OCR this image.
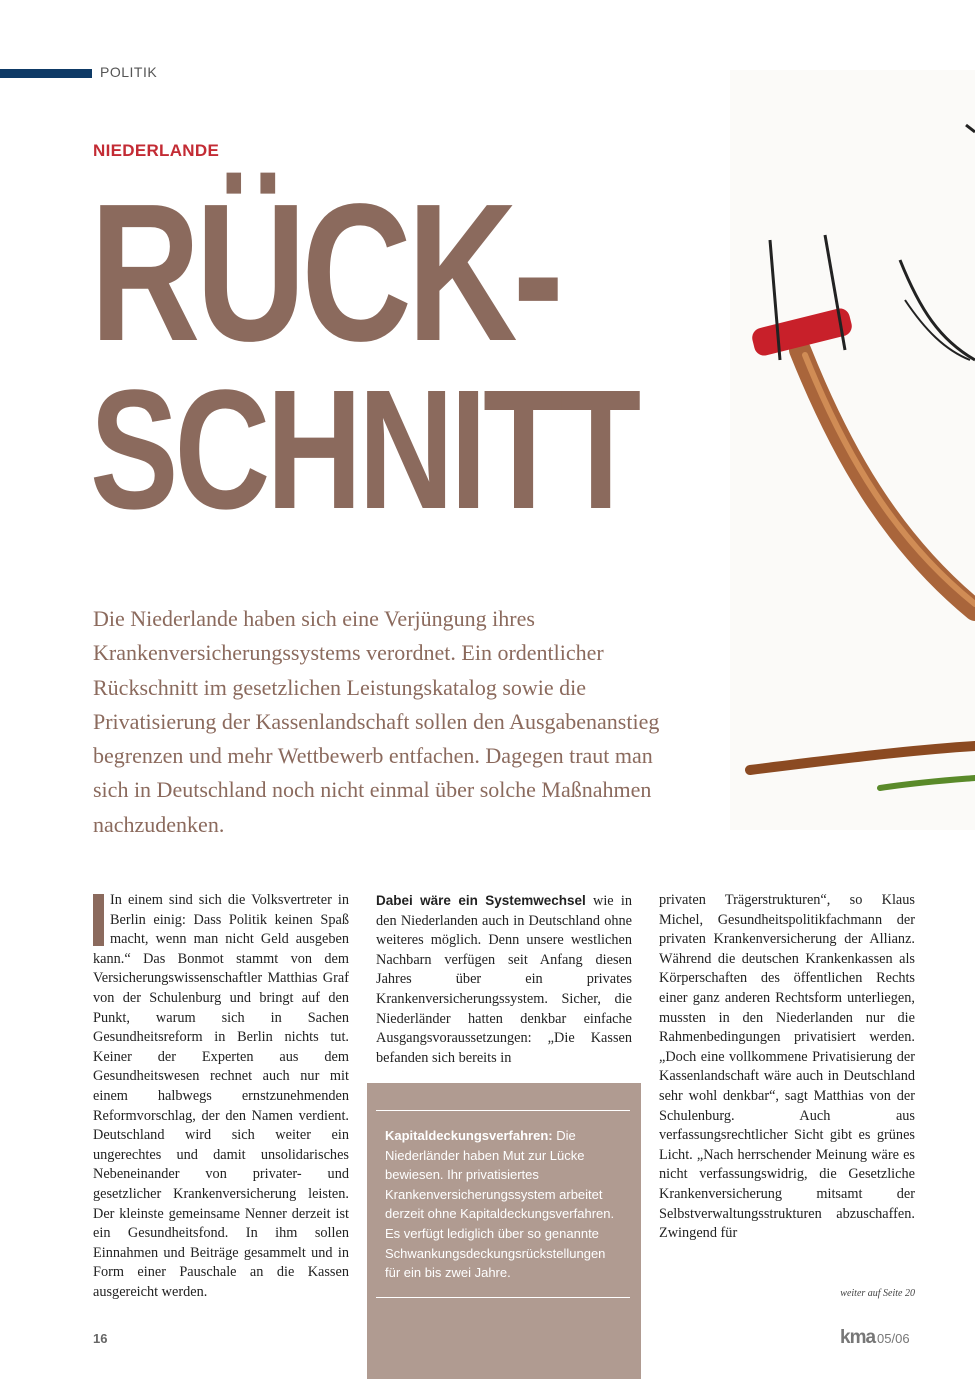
POLITIK
NIEDERLANDE
RÜCK-
SCHNITT
Die Niederlande haben sich eine Verjüngung ihres Krankenversicherungssystems verordnet. Ein ordentlicher Rückschnitt im gesetzlichen Leistungskatalog sowie die Privatisierung der Kassenlandschaft sollen den Ausgabenanstieg begrenzen und mehr Wettbewerb entfachen. Dagegen traut man sich in Deutschland noch nicht einmal über solche Maßnahmen nachzudenken.
In einem sind sich die Volksvertreter in Berlin einig: Dass Politik keinen Spaß macht, wenn man nicht Geld ausgeben kann.“ Das Bonmot stammt von dem Versicherungswissenschaftler Matthias Graf von der Schulenburg und bringt auf den Punkt, warum sich in Sachen Gesundheitsreform in Berlin nichts tut. Keiner der Experten aus dem Gesundheitswesen rechnet auch nur mit einem halbwegs ernstzunehmenden Reformvorschlag, der den Namen verdient. Deutschland wird sich weiter ein ungerechtes und damit unsolidarisches Nebeneinander von privater- und gesetzlicher Krankenversicherung leisten. Der kleinste gemeinsame Nenner derzeit ist ein Gesundheitsfond. In ihm sollen Einnahmen und Beiträge gesammelt und in Form einer Pauschale an die Kassen ausgereicht werden.
Dabei wäre ein Systemwechsel wie in den Niederlanden auch in Deutschland ohne weiteres möglich. Denn unsere westlichen Nachbarn verfügen seit Anfang diesen Jahres über ein privates Krankenversicherungssystem. Sicher, die Niederländer hatten denkbar einfache Ausgangsvoraussetzungen: „Die Kassen befanden sich bereits in
Kapitaldeckungsverfahren: Die Niederländer haben Mut zur Lücke bewiesen. Ihr privatisiertes Krankenversicherungssystem arbeitet derzeit ohne Kapitaldeckungsverfahren. Es verfügt lediglich über so genannte Schwankungsdeckungsrückstellungen für ein bis zwei Jahre.
privaten Trägerstrukturen“, so Klaus Michel, Gesundheitspolitikfachmann der privaten Krankenversicherung der Allianz. Während die deutschen Krankenkassen als Körperschaften des öffentlichen Rechts einer ganz anderen Rechtsform unterliegen, mussten in den Niederlanden nur die Rahmenbedingungen privatisiert werden. „Doch eine vollkommene Privatisierung der Kassenlandschaft wäre auch in Deutschland sehr wohl denkbar“, sagt Matthias von der Schulenburg. Auch aus verfassungsrechtlicher Sicht gibt es grünes Licht. „Nach herrschender Meinung wäre es nicht verfassungswidrig, die Gesetzliche Krankenversicherung mitsamt der Selbstverwaltungsstrukturen abzuschaffen. Zwingend für
weiter auf Seite 20
16	kma 05/06
